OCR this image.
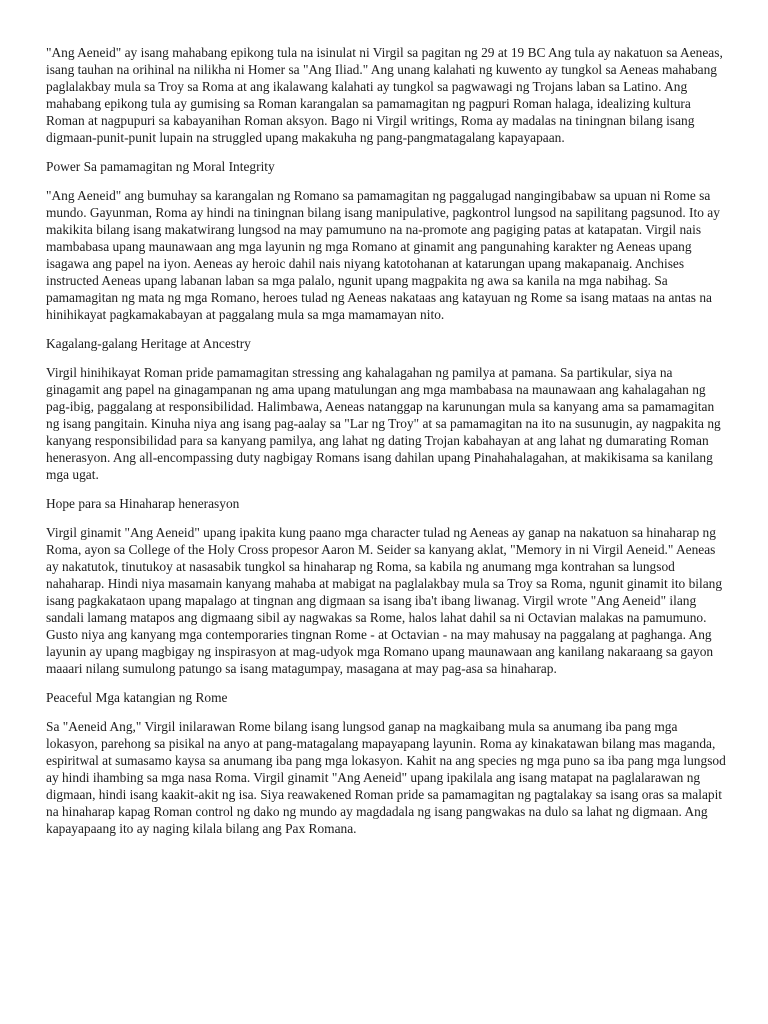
"Ang Aeneid" ay isang mahabang epikong tula na isinulat ni Virgil sa pagitan ng 29 at 19 BC Ang tula ay nakatuon sa Aeneas, isang tauhan na orihinal na nilikha ni Homer sa "Ang Iliad." Ang unang kalahati ng kuwento ay tungkol sa Aeneas mahabang paglalakbay mula sa Troy sa Roma at ang ikalawang kalahati ay tungkol sa pagwawagi ng Trojans laban sa Latino. Ang mahabang epikong tula ay gumising sa Roman karangalan sa pamamagitan ng pagpuri Roman halaga, idealizing kultura Roman at nagpupuri sa kabayanihan Roman aksyon. Bago ni Virgil writings, Roma ay madalas na tiningnan bilang isang digmaan-punit-punit lupain na struggled upang makakuha ng pang-pangmatagalang kapayapaan.

Power Sa pamamagitan ng Moral Integrity

"Ang Aeneid" ang bumuhay sa karangalan ng Romano sa pamamagitan ng paggalugad nangingibabaw sa upuan ni Rome sa mundo. Gayunman, Roma ay hindi na tiningnan bilang isang manipulative, pagkontrol lungsod na sapilitang pagsunod. Ito ay makikita bilang isang makatwirang lungsod na may pamumuno na na-promote ang pagiging patas at katapatan. Virgil nais mambabasa upang maunawaan ang mga layunin ng mga Romano at ginamit ang pangunahing karakter ng Aeneas upang isagawa ang papel na iyon. Aeneas ay heroic dahil nais niyang katotohanan at katarungan upang makapanaig. Anchises instructed Aeneas upang labanan laban sa mga palalo, ngunit upang magpakita ng awa sa kanila na mga nabihag. Sa pamamagitan ng mata ng mga Romano, heroes tulad ng Aeneas nakataas ang katayuan ng Rome sa isang mataas na antas na hinihikayat pagkamakabayan at paggalang mula sa mga mamamayan nito.

Kagalang-galang Heritage at Ancestry

Virgil hinihikayat Roman pride pamamagitan stressing ang kahalagahan ng pamilya at pamana. Sa partikular, siya na ginagamit ang papel na ginagampanan ng ama upang matulungan ang mga mambabasa na maunawaan ang kahalagahan ng pag-ibig, paggalang at responsibilidad. Halimbawa, Aeneas natanggap na karunungan mula sa kanyang ama sa pamamagitan ng isang pangitain. Kinuha niya ang isang pag-aalay sa "Lar ng Troy" at sa pamamagitan na ito na susunugin, ay nagpakita ng kanyang responsibilidad para sa kanyang pamilya, ang lahat ng dating Trojan kabahayan at ang lahat ng dumarating Roman henerasyon. Ang all-encompassing duty nagbigay Romans isang dahilan upang Pinahahalagahan, at makikisama sa kanilang mga ugat.

Hope para sa Hinaharap henerasyon

Virgil ginamit "Ang Aeneid" upang ipakita kung paano mga character tulad ng Aeneas ay ganap na nakatuon sa hinaharap ng Roma, ayon sa College of the Holy Cross propesor Aaron M. Seider sa kanyang aklat, "Memory in ni Virgil Aeneid." Aeneas ay nakatutok, tinutukoy at nasasabik tungkol sa hinaharap ng Roma, sa kabila ng anumang mga kontrahan sa lungsod nahaharap. Hindi niya masamain kanyang mahaba at mabigat na paglalakbay mula sa Troy sa Roma, ngunit ginamit ito bilang isang pagkakataon upang mapalago at tingnan ang digmaan sa isang iba't ibang liwanag. Virgil wrote "Ang Aeneid" ilang sandali lamang matapos ang digmaang sibil ay nagwakas sa Rome, halos lahat dahil sa ni Octavian malakas na pamumuno. Gusto niya ang kanyang mga contemporaries tingnan Rome - at Octavian - na may mahusay na paggalang at paghanga. Ang layunin ay upang magbigay ng inspirasyon at mag-udyok mga Romano upang maunawaan ang kanilang nakaraang sa gayon maaari nilang sumulong patungo sa isang matagumpay, masagana at may pag-asa sa hinaharap.

Peaceful Mga katangian ng Rome

Sa "Aeneid Ang," Virgil inilarawan Rome bilang isang lungsod ganap na magkaibang mula sa anumang iba pang mga lokasyon, parehong sa pisikal na anyo at pang-matagalang mapayapang layunin. Roma ay kinakatawan bilang mas maganda, espiritwal at sumasamo kaysa sa anumang iba pang mga lokasyon. Kahit na ang species ng mga puno sa iba pang mga lungsod ay hindi ihambing sa mga nasa Roma. Virgil ginamit "Ang Aeneid" upang ipakilala ang isang matapat na paglalarawan ng digmaan, hindi isang kaakit-akit ng isa. Siya reawakened Roman pride sa pamamagitan ng pagtalakay sa isang oras sa malapit na hinaharap kapag Roman control ng dako ng mundo ay magdadala ng isang pangwakas na dulo sa lahat ng digmaan. Ang kapayapaang ito ay naging kilala bilang ang Pax Romana.
